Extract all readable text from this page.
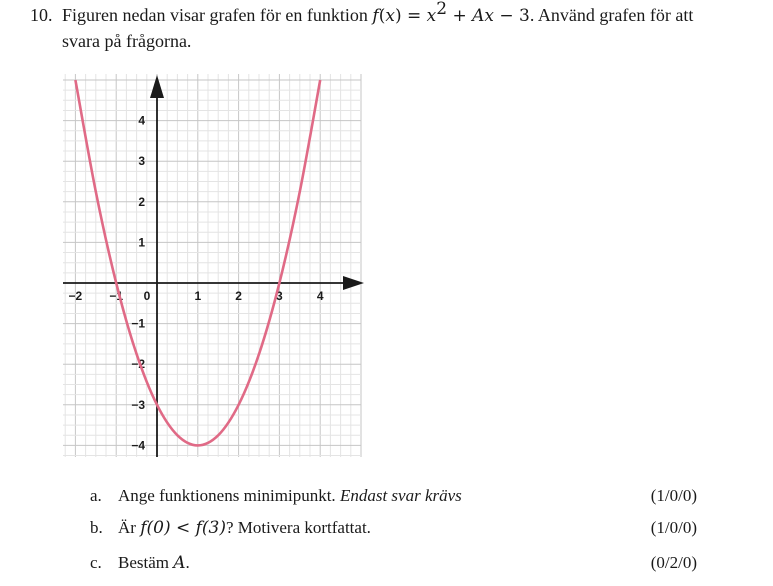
10. Figuren nedan visar grafen för en funktion $f(x) = x^2 + Ax - 3$. Använd grafen för att
svara på frågorna.
−2 −1 0	1	2	3	4
4
3
2
1
−1
−2
−3
−4
a. Ange funktionens minimipunkt. Endast svar krävs	(1/0/0)
b. Är f(0) < f(3)? Motivera kortfattat.	(1/0/0)
c. Bestäm A.	(0/2/0)
